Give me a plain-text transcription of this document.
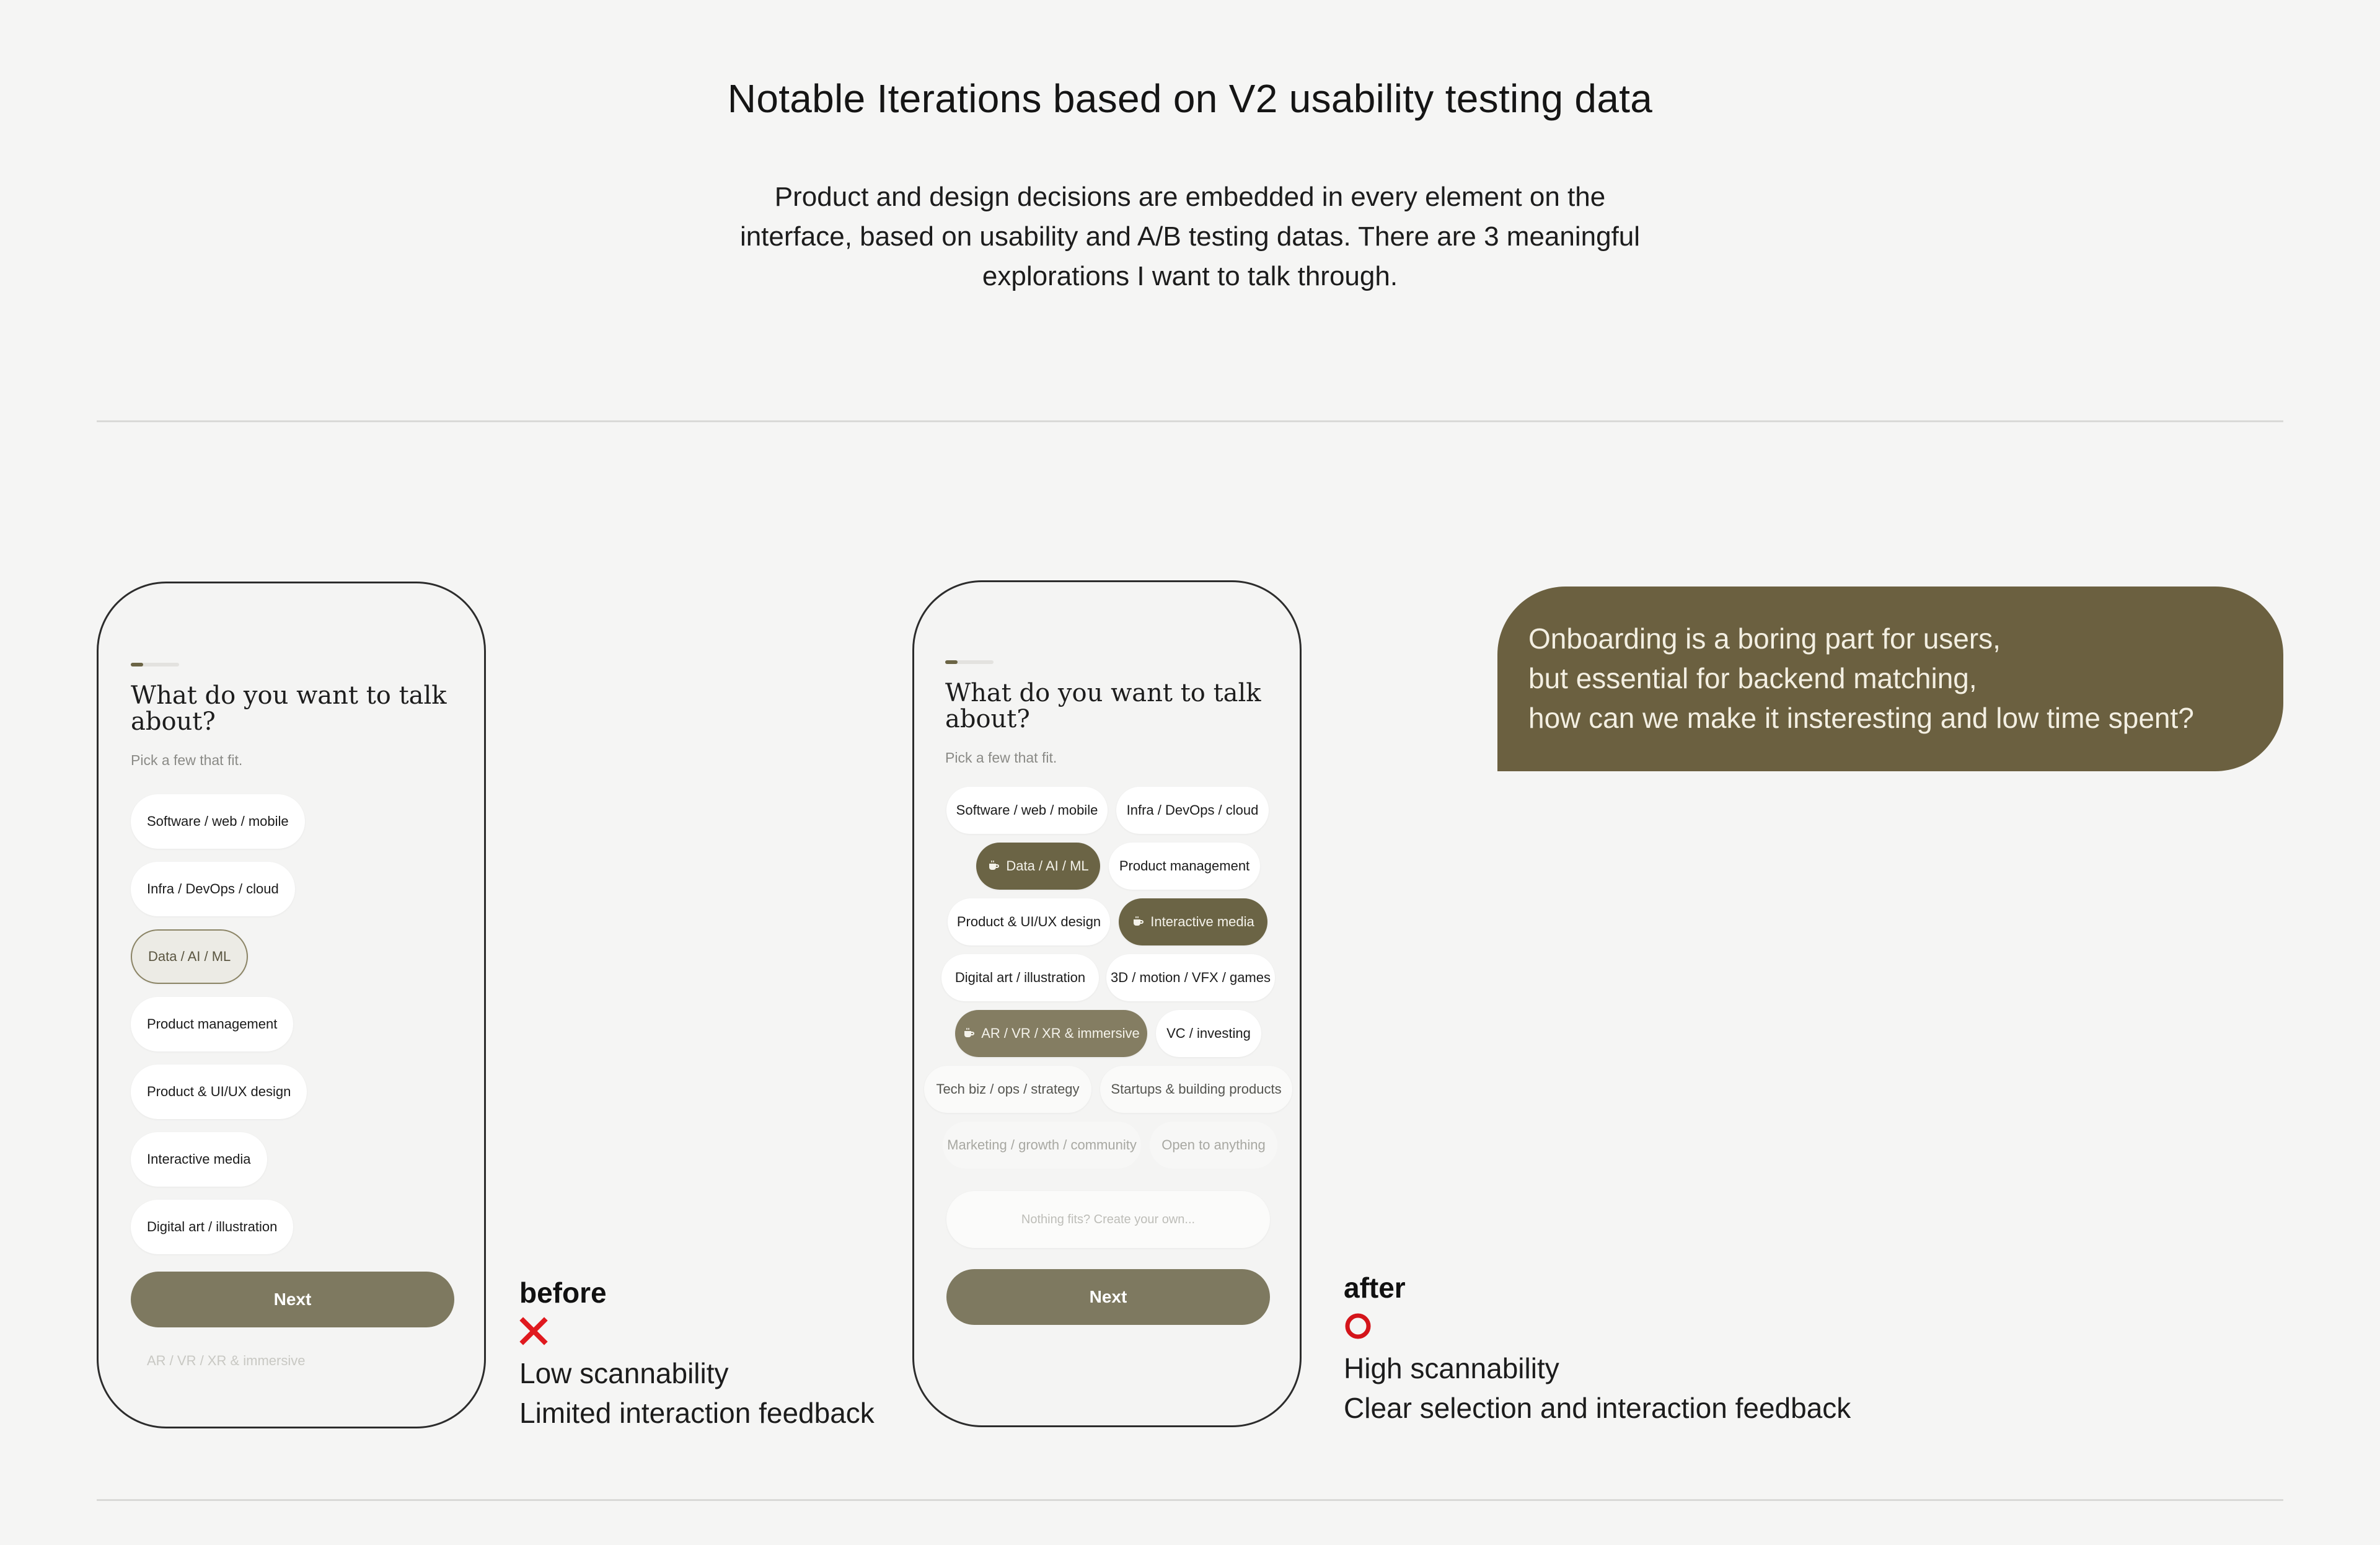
Notable Iterations based on V2 usability testing data
Product and design decisions are embedded in every element on the
interface, based on usability and A/B testing datas. There are 3 meaningful
explorations I want to talk through.
What do you want to talk about?
Pick a few that fit.
Software / web / mobile
Infra / DevOps / cloud
Data / AI / ML
Product management
Product & UI/UX design
Interactive media
Digital art / illustration
Next
AR / VR / XR & immersive
before
Low scannability
Limited interaction feedback
What do you want to talk about?
Pick a few that fit.
Software / web / mobile	Infra / DevOps / cloud
Data / AI / ML	Product management
Product & UI/UX design	Interactive media
Digital art / illustration	3D / motion / VFX / games
AR / VR / XR & immersive	VC / investing
Tech biz / ops / strategy	Startups & building products
Marketing / growth / community	Open to anything
Nothing fits? Create your own...
Next	after
High scannability
Clear selection and interaction feedback
Onboarding is a boring part for users,
but essential for backend matching,
how can we make it insteresting and low time spent?
